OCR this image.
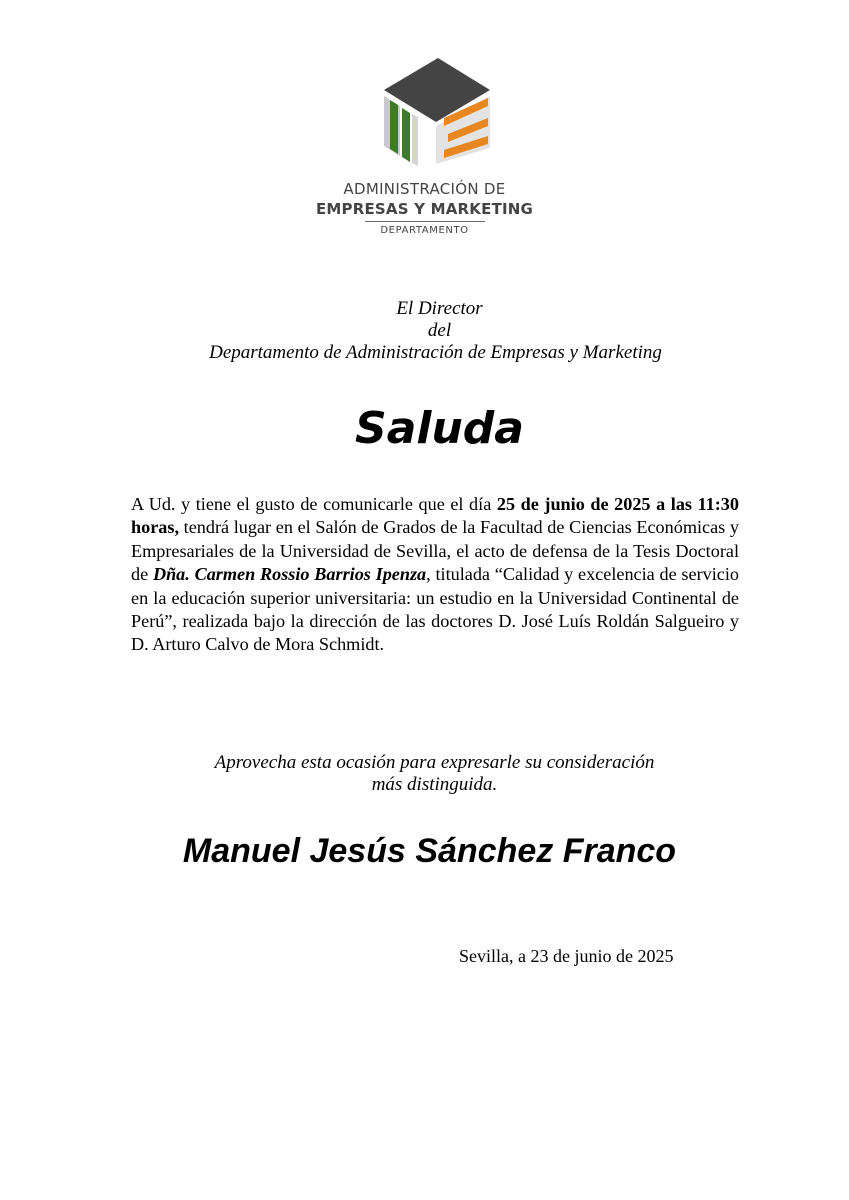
ADMINISTRACIÓN DE
EMPRESAS Y MARKETING
DEPARTAMENTO
El Director
del
Departamento de Administración de Empresas y Marketing
Saluda
A Ud. y tiene el gusto de comunicarle que el día 25 de junio de 2025 a las 11:30 horas, tendrá lugar en el Salón de Grados de la Facultad de Ciencias Económicas y Empresariales de la Universidad de Sevilla, el acto de defensa de la Tesis Doctoral de Dña. Carmen Rossio Barrios Ipenza, titulada “Calidad y excelencia de servicio en la educación superior universitaria: un estudio en la Universidad Continental de Perú”, realizada bajo la dirección de las doctores D. José Luís Roldán Salgueiro y D. Arturo Calvo de Mora Schmidt.
Aprovecha esta ocasión para expresarle su consideración
más distinguida.
Manuel Jesús Sánchez Franco
Sevilla, a 23 de junio de 2025
